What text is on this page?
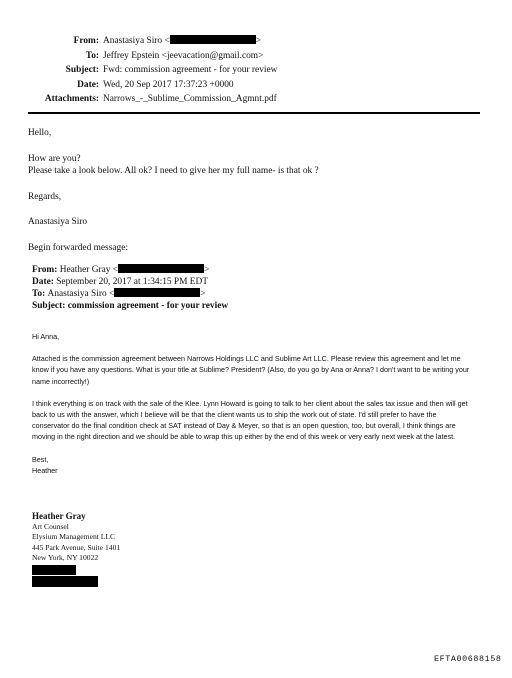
From: Anastasiya Siro <	>
To: Jeffrey Epstein <jeevacation@gmail.com>
Subject: Fwd: commission agreement - for your review
Date: Wed, 20 Sep 2017 17:37:23 +0000
Attachments: Narrows_-_Sublime_Commission_Agmnt.pdf

Hello,

How are you?

Please take a look below. All ok? I need to give her my full name- is that ok ?

Regards,

Anastasiya Siro

Begin forwarded message:

From: Heather Gray <	>
Date: September 20, 2017 at 1:34:15 PM EDT
To: Anastasiya Siro <	>
Subject: commission agreement - for your review

Hi Anna,

Attached is the commission agreement between Narrows Holdings LLC and Sublime Art LLC. Please review this agreement and let me know if you have any questions. What is your title at Sublime? President? (Also, do you go by Ana or Anna? I don't want to be writing your name incorrectly!)

I think everything is on track with the sale of the Klee. Lynn Howard is going to talk to her client about the sales tax issue and then will get back to us with the answer, which I believe will be that the client wants us to ship the work out of state. I'd still prefer to have the conservator do the final condition check at SAT instead of Day & Meyer, so that is an open question, too, but overall, I think things are moving in the right direction and we should be able to wrap this up either by the end of this week or very early next week at the latest.

Best,

Heather

Heather Gray
Art Counsel
Elysium Management LLC
445 Park Avenue, Suite 1401
New York, NY 10022
EFTA00688158
